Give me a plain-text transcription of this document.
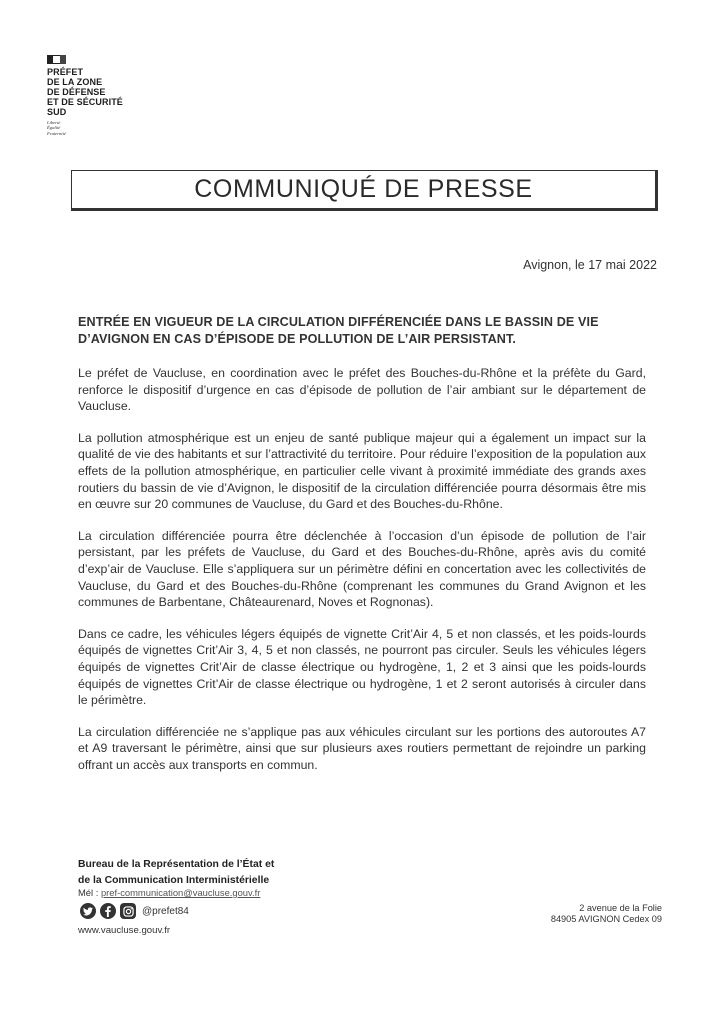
PRÉFET
DE LA ZONE
DE DÉFENSE
ET DE SÉCURITÉ
SUD
Liberté
Égalité
Fraternité
COMMUNIQUÉ DE PRESSE
Avignon, le 17 mai 2022
ENTRÉE EN VIGUEUR DE LA CIRCULATION DIFFÉRENCIÉE DANS LE BASSIN DE VIE D’AVIGNON EN CAS D’ÉPISODE DE POLLUTION DE L’AIR PERSISTANT.

Le préfet de Vaucluse, en coordination avec le préfet des Bouches-du-Rhône et la préfète du Gard, renforce le dispositif d’urgence en cas d’épisode de pollution de l’air ambiant sur le département de Vaucluse.

La pollution atmosphérique est un enjeu de santé publique majeur qui a également un impact sur la qualité de vie des habitants et sur l’attractivité du territoire. Pour réduire l’exposition de la population aux effets de la pollution atmosphérique, en particulier celle vivant à proximité immédiate des grands axes routiers du bassin de vie d’Avignon, le dispositif de la circulation différenciée pourra désormais être mis en œuvre sur 20 communes de Vaucluse, du Gard et des Bouches-du-Rhône.

La circulation différenciée pourra être déclenchée à l’occasion d’un épisode de pollution de l’air persistant, par les préfets de Vaucluse, du Gard et des Bouches-du-Rhône, après avis du comité d’exp’air de Vaucluse. Elle s’appliquera sur un périmètre défini en concertation avec les collectivités de Vaucluse, du Gard et des Bouches-du-Rhône (comprenant les communes du Grand Avignon et les communes de Barbentane, Châteaurenard, Noves et Rognonas).

Dans ce cadre, les véhicules légers équipés de vignette Crit’Air 4, 5 et non classés, et les poids-lourds équipés de vignettes Crit’Air 3, 4, 5 et non classés, ne pourront pas circuler. Seuls les véhicules légers équipés de vignettes Crit’Air de classe électrique ou hydrogène, 1, 2 et 3 ainsi que les poids-lourds équipés de vignettes Crit’Air de classe électrique ou hydrogène, 1 et 2 seront autorisés à circuler dans le périmètre.

La circulation différenciée ne s’applique pas aux véhicules circulant sur les portions des autoroutes A7 et A9 traversant le périmètre, ainsi que sur plusieurs axes routiers permettant de rejoindre un parking offrant un accès aux transports en commun.

Bureau de la Représentation de l’État et
de la Communication Interministérielle
Mél : pref-communication@vaucluse.gouv.fr
@prefet84
www.vaucluse.gouv.fr
2 avenue de la Folie
84905 AVIGNON Cedex 09
